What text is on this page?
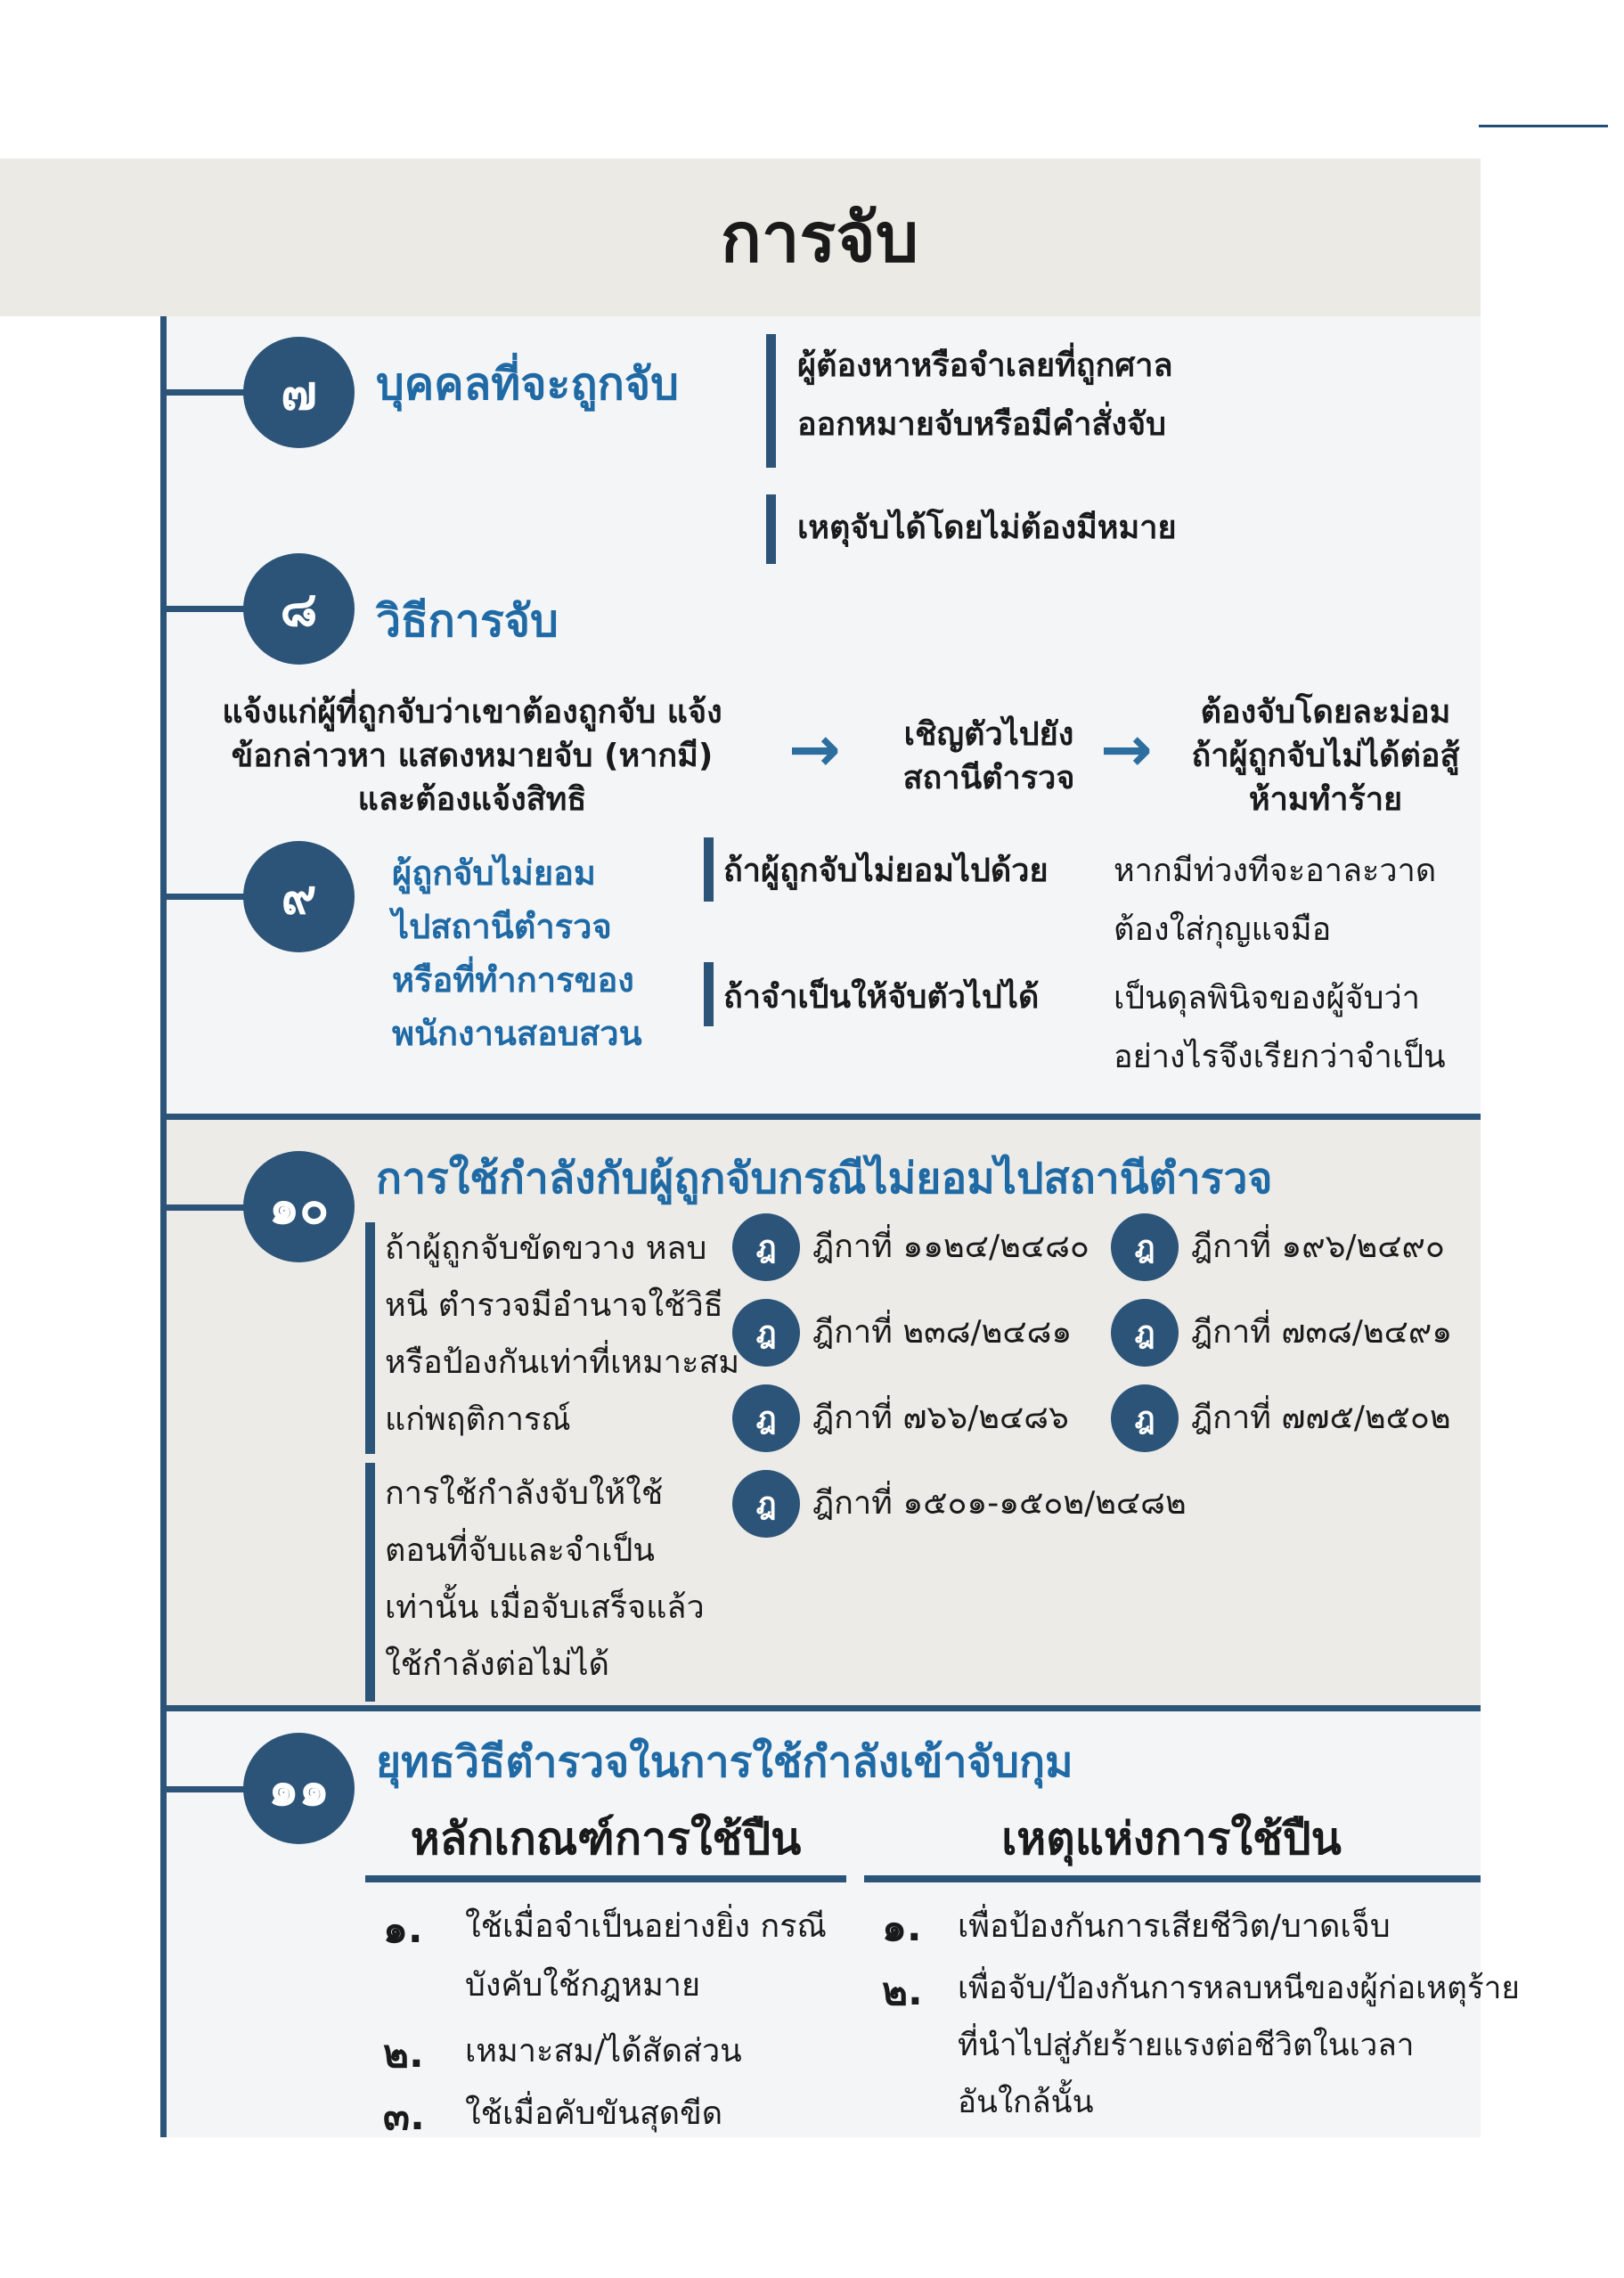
การจับ
๗	บุคคลที่จะถูกจับ	ผู้ต้องหาหรือจำเลยที่ถูกศาล
ออกหมายจับหรือมีคำสั่งจับ
เหตุจับได้โดยไม่ต้องมีหมาย
๘	วิธีการจับ
แจ้งแก่ผู้ที่ถูกจับว่าเขาต้องถูกจับ แจ้ง
ข้อกล่าวหา แสดงหมายจับ (หากมี)
และต้องแจ้งสิทธิ
→	เชิญตัวไปยัง
สถานีตำรวจ →
ต้องจับโดยละม่อม
ถ้าผู้ถูกจับไม่ได้ต่อสู้
ห้ามทำร้าย
๙	ผู้ถูกจับไม่ยอม
ไปสถานีตำรวจ
หรือที่ทำการของ
พนักงานสอบสวน
ถ้าผู้ถูกจับไม่ยอมไปด้วย หากมีท่วงทีจะอาละวาด
ต้องใส่กุญแจมือ
ถ้าจำเป็นให้จับตัวไปได้ เป็นดุลพินิจของผู้จับว่า
อย่างไรจึงเรียกว่าจำเป็น
๑๐	การใช้กำลังกับผู้ถูกจับกรณีไม่ยอมไปสถานีตำรวจ
ถ้าผู้ถูกจับขัดขวาง หลบ
หนี ตำรวจมีอำนาจใช้วิธี
หรือป้องกันเท่าที่เหมาะสม
แก่พฤติการณ์
การใช้กำลังจับให้ใช้
ตอนที่จับและจำเป็น
เท่านั้น เมื่อจับเสร็จแล้ว
ใช้กำลังต่อไม่ได้
ฎ	ฎีกาที่ ๑๑๒๔/๒๔๘๐	ฎ	ฎีกาที่ ๑๙๖/๒๔๙๐
ฎ	ฎีกาที่ ๒๓๘/๒๔๘๑	ฎ	ฎีกาที่ ๗๓๘/๒๔๙๑
ฎ	ฎีกาที่ ๗๖๖/๒๔๘๖	ฎ	ฎีกาที่ ๗๗๕/๒๕๐๒
ฎ	ฎีกาที่ ๑๕๐๑-๑๕๐๒/๒๔๘๒
๑๑	ยุทธวิธีตำรวจในการใช้กำลังเข้าจับกุม
หลักเกณฑ์การใช้ปืน	เหตุแห่งการใช้ปืน
๑. ใช้เมื่อจำเป็นอย่างยิ่ง กรณี
บังคับใช้กฎหมาย
๒. เหมาะสม/ได้สัดส่วน
๓. ใช้เมื่อคับขันสุดขีด
๑. เพื่อป้องกันการเสียชีวิต/บาดเจ็บ
๒. เพื่อจับ/ป้องกันการหลบหนีของผู้ก่อเหตุร้าย
ที่นำไปสู่ภัยร้ายแรงต่อชีวิตในเวลา
อันใกล้นั้น
